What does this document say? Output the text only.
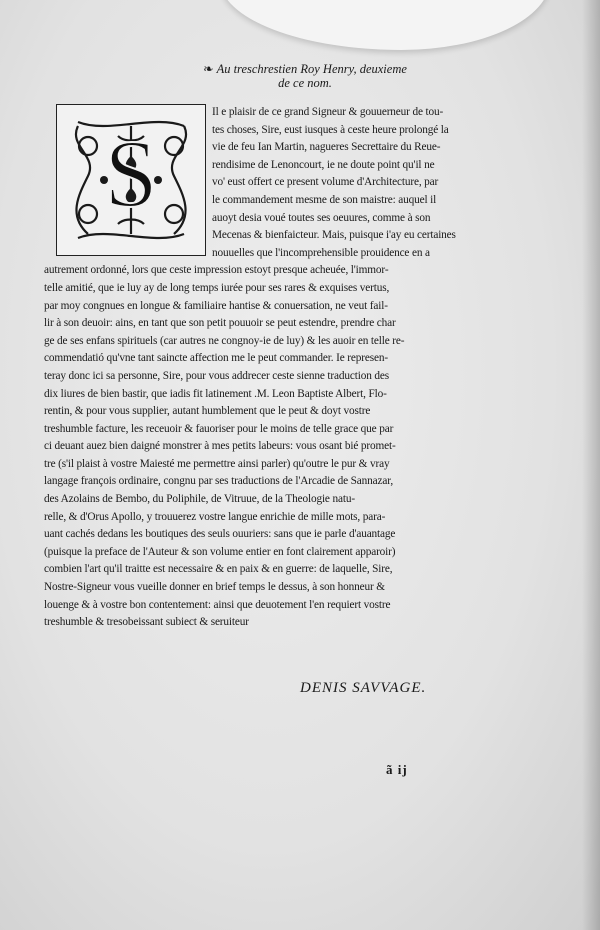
❧ Au treschrestien Roy Henry, deuxieme
de ce nom.
S

Il e plaisir de ce grand Signeur & gouuerneur de tou-

tes choses, Sire, eust iusques à ceste heure prolongé la

vie de feu Ian Martin, nagueres Secrettaire du Reue-

rendisime de Lenoncourt, ie ne doute point qu'il ne

vo' eust offert ce present volume d'Architecture, par

le commandement mesme de son maistre: auquel il

auoyt desia voué toutes ses oeuures, comme à son

Mecenas & bienfaicteur. Mais, puisque i'ay eu certaines

nouuelles que l'incomprehensible prouidence en a

autrement ordonné, lors que ceste impression estoyt presque acheuée, l'immor-

telle amitié, que ie luy ay de long temps iurée pour ses rares & exquises vertus,

par moy congnues en longue & familiaire hantise & conuersation, ne veut fail-

lir à son deuoir: ains, en tant que son petit pouuoir se peut estendre, prendre char

ge de ses enfans spirituels (car autres ne congnoy-ie de luy) & les auoir en telle re-

commendatió qu'vne tant saincte affection me le peut commander. Ie represen-

teray donc ici sa personne, Sire, pour vous addrecer ceste sienne traduction des

dix liures de bien bastir, que iadis fit latinement .M. Leon Baptiste Albert, Flo-

rentin, & pour vous supplier, autant humblement que le peut & doyt vostre

treshumble facture, les receuoir & fauoriser pour le moins de telle grace que par

ci deuant auez bien daigné monstrer à mes petits labeurs: vous osant bié promet-

tre (s'il plaist à vostre Maiesté me permettre ainsi parler) qu'outre le pur & vray

langage françois ordinaire, congnu par ses traductions de l'Arcadie de Sannazar,

des Azolains de Bembo, du Poliphile, de Vitruue, de la Theologie natu-

relle, & d'Orus Apollo, y trouuerez vostre langue enrichie de mille mots, para-

uant cachés dedans les boutiques des seuls ouuriers: sans que ie parle d'auantage

(puisque la preface de l'Auteur & son volume entier en font clairement apparoir)

combien l'art qu'il traitte est necessaire & en paix & en guerre: de laquelle, Sire,

Nostre-Signeur vous vueille donner en brief temps le dessus, à son honneur &

louenge & à vostre bon contentement: ainsi que deuotement l'en requiert vostre

treshumble & tresobeissant subiect & seruiteur

DENIS SAVVAGE.
ã ij
